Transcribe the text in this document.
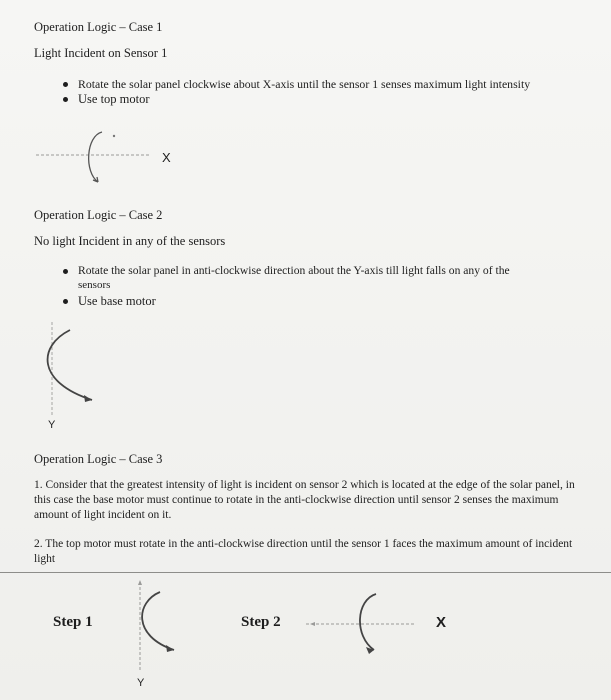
Operation Logic – Case 1
Light Incident on Sensor 1
Rotate the solar panel clockwise about X-axis until the sensor 1 senses maximum light intensity
Use top motor
X
Operation Logic – Case 2
No light Incident in any of the sensors
Rotate the solar panel in anti-clockwise direction about the Y-axis till light falls on any of the
sensors
Use base motor
Y
Operation Logic – Case 3
1. Consider that the greatest intensity of light is incident on sensor 2 which is located at the edge of the solar panel, in this case the base motor must continue to rotate in the anti-clockwise direction until sensor 2 senses the maximum amount of light incident on it.
2. The top motor must rotate in the anti-clockwise direction until the sensor 1 faces the maximum amount of incident light
Step 1
Y
Step 2	X
